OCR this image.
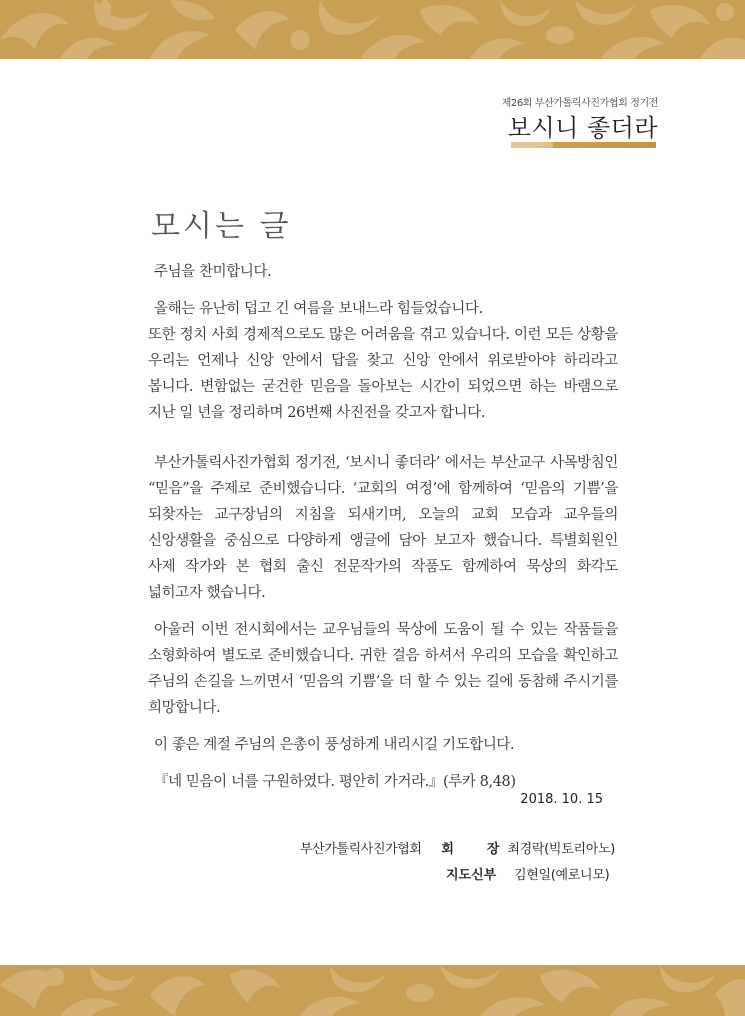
제26회 부산가톨릭사진가협회 정기전
보시니 좋더라
모시는 글

주님을 찬미합니다.

올해는 유난히 덥고 긴 여름을 보내느라 힘들었습니다.

또한 정치 사회 경제적으로도 많은 어려움을 겪고 있습니다. 이런 모든 상황을 우리는 언제나 신앙 안에서 답을 찾고 신앙 안에서 위로받아야 하리라고 봅니다. 변함없는 굳건한 믿음을 돌아보는 시간이 되었으면 하는 바램으로 지난 일 년을 정리하며 26번째 사진전을 갖고자 합니다.

부산가톨릭사진가협회 정기전, ‘보시니 좋더라’ 에서는 부산교구 사목방침인 “믿음”을 주제로 준비했습니다. ‘교회의 여정’에 함께하여 ‘믿음의 기쁨’을 되찾자는 교구장님의 지침을 되새기며, 오늘의 교회 모습과 교우들의 신앙생활을 중심으로 다양하게 앵글에 담아 보고자 했습니다. 특별회원인 사제 작가와 본 협회 출신 전문작가의 작품도 함께하여 묵상의 화각도 넓히고자 했습니다.

아울러 이번 전시회에서는 교우님들의 묵상에 도움이 될 수 있는 작품들을 소형화하여 별도로 준비했습니다. 귀한 걸음 하셔서 우리의 모습을 확인하고 주님의 손길을 느끼면서 ‘믿음의 기쁨’을 더 할 수 있는 길에 동참해 주시기를 희망합니다.

이 좋은 계절 주님의 은총이 풍성하게 내리시길 기도합니다.

『네 믿음이 너를 구원하였다. 평안히 가거라.』(루카 8,48)

2018. 10. 15
부산가톨릭사진가협회	회	장 최경락(빅토리아노)
지도신부 김현일(예로니모)
